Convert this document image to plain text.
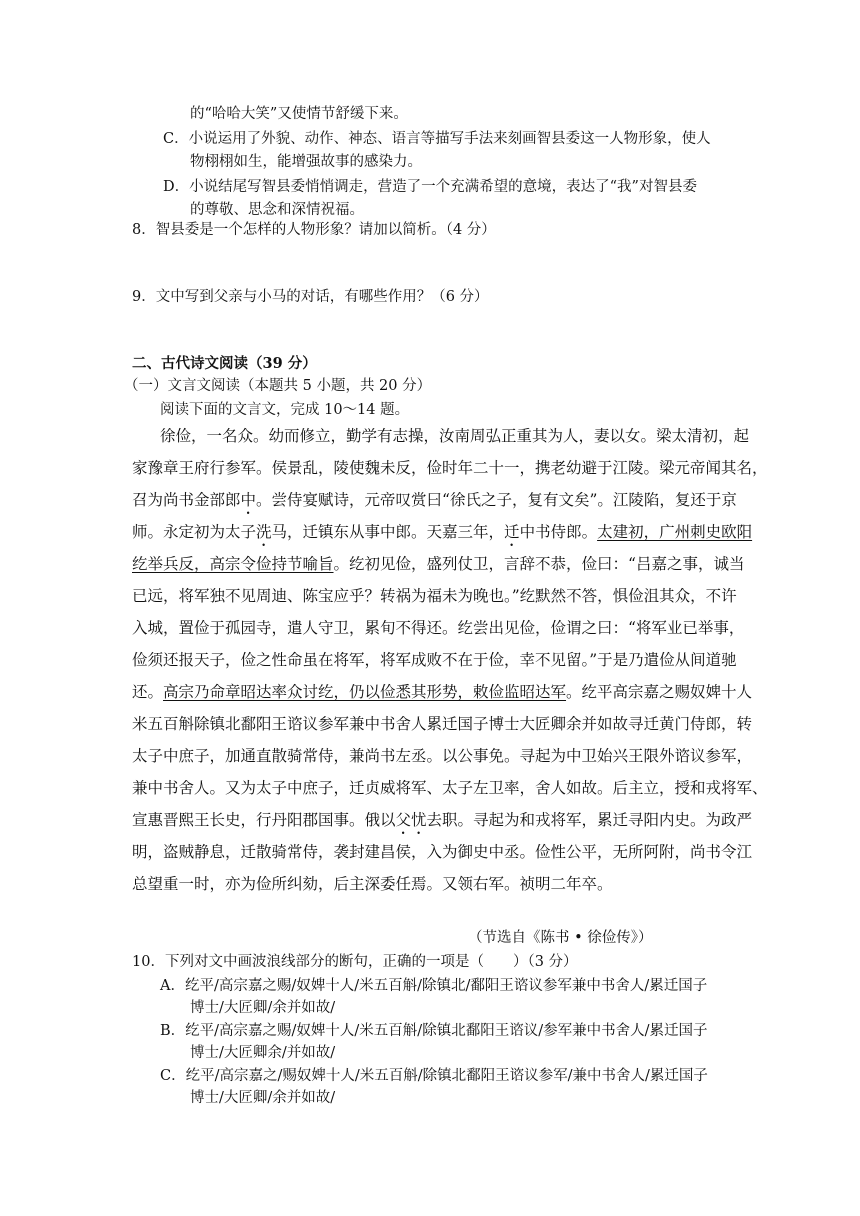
的“哈哈大笑”又使情节舒缓下来。
C．小说运用了外貌、动作、神态、语言等描写手法来刻画智县委这一人物形象，使人
物栩栩如生，能增强故事的感染力。
D．小说结尾写智县委悄悄调走，营造了一个充满希望的意境，表达了“我”对智县委
的尊敬、思念和深情祝福。
8．智县委是一个怎样的人物形象？请加以简析。（4 分）
9．文中写到父亲与小马的对话，有哪些作用？（6 分）
二、古代诗文阅读（39 分）
（一）文言文阅读（本题共 5 小题，共 20 分）
阅读下面的文言文，完成 10～14 题。
徐俭，一名众。幼而修立，勤学有志操，汝南周弘正重其为人，妻以女。梁太清初，起
家豫章王府行参军。侯景乱，陵使魏未反，俭时年二十一，携老幼避于江陵。梁元帝闻其名，
召为尚书金部郎中。尝侍宴赋诗，元帝叹赏曰“徐氏之子，复有文矣”。江陵陷，复还于京
师。永定初为太子洗马，迁镇东从事中郎。天嘉三年，迁中书侍郎。太建初，广州刺史欧阳
纥举兵反，高宗令俭持节喻旨。纥初见俭，盛列仗卫，言辞不恭，俭曰：“吕嘉之事，诚当
已远，将军独不见周迪、陈宝应乎？转祸为福未为晚也。”纥默然不答，惧俭沮其众，不许
入城，置俭于孤园寺，遣人守卫，累旬不得还。纥尝出见俭，俭谓之曰：“将军业已举事，
俭须还报天子，俭之性命虽在将军，将军成败不在于俭，幸不见留。”于是乃遣俭从间道驰
还。高宗乃命章昭达率众讨纥，仍以俭悉其形势，敕俭监昭达军。纥平高宗嘉之赐奴婢十人
米五百斛除镇北鄱阳王谘议参军兼中书舍人累迁国子博士大匠卿余并如故寻迁黄门侍郎，转
太子中庶子，加通直散骑常侍，兼尚书左丞。以公事免。寻起为中卫始兴王限外谘议参军，
兼中书舍人。又为太子中庶子，迁贞威将军、太子左卫率，舍人如故。后主立，授和戎将军、
宣惠晋熙王长史，行丹阳郡国事。俄以父忧去职。寻起为和戎将军，累迁寻阳内史。为政严
明，盗贼静息，迁散骑常侍，袭封建昌侯，入为御史中丞。俭性公平，无所阿附，尚书令江
总望重一时，亦为俭所纠劾，后主深委任焉。又领右军。祯明二年卒。
（节选自《陈书 • 徐俭传》）
10．下列对文中画波浪线部分的断句，正确的一项是（　　）（3 分）
A．纥平/高宗嘉之赐/奴婢十人/米五百斛/除镇北/鄱阳王谘议参军兼中书舍人/累迁国子
博士/大匠卿/余并如故/
B．纥平/高宗嘉之赐/奴婢十人/米五百斛/除镇北鄱阳王谘议/参军兼中书舍人/累迁国子
博士/大匠卿余/并如故/
C．纥平/高宗嘉之/赐奴婢十人/米五百斛/除镇北鄱阳王谘议参军/兼中书舍人/累迁国子
博士/大匠卿/余并如故/
